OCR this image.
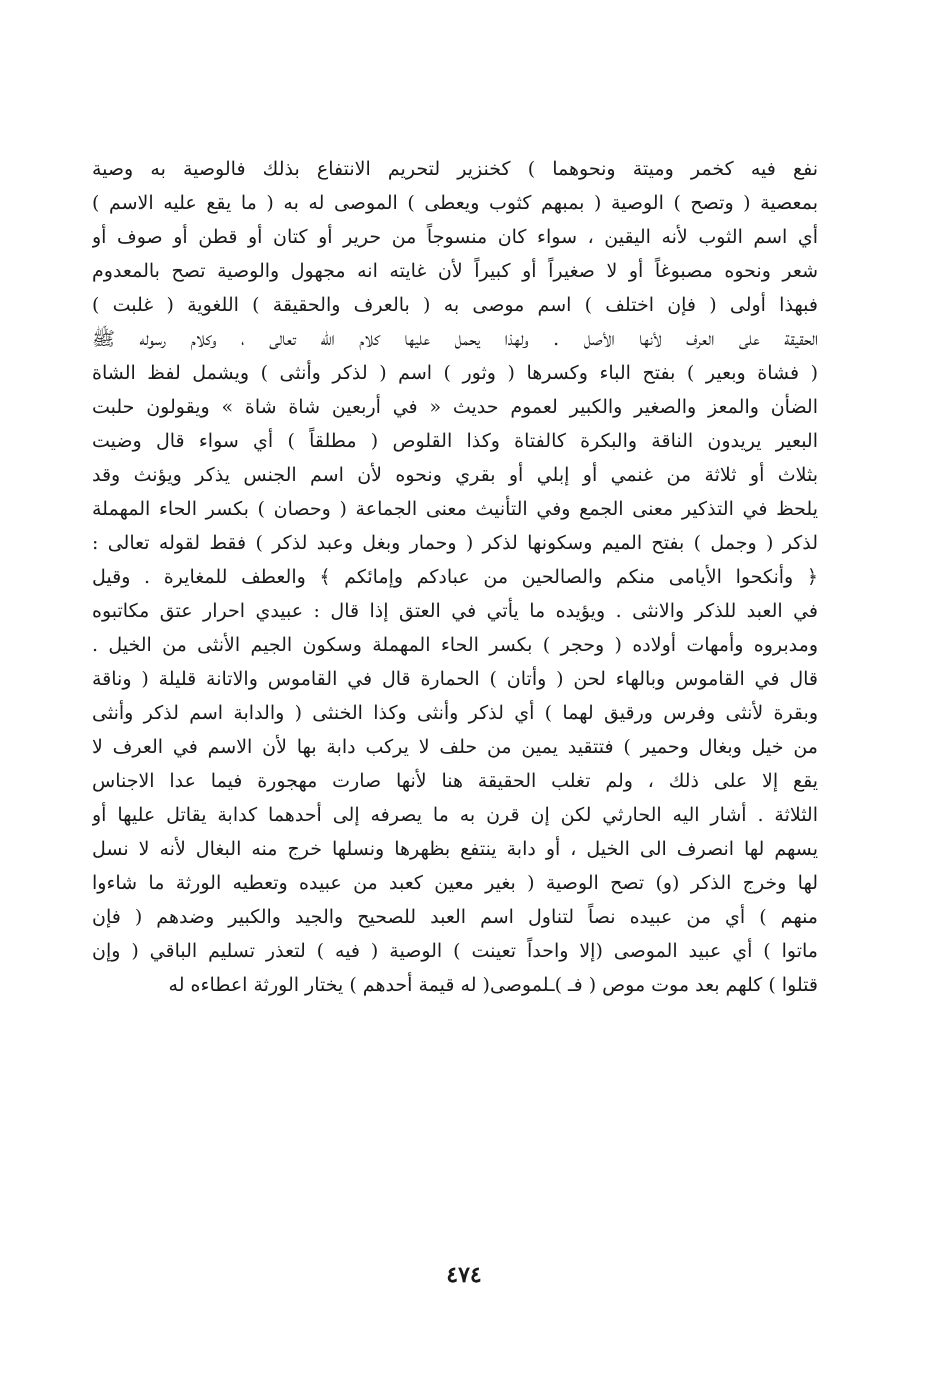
نفع فيه كخمر وميتة ونحوهما ) كخنزير لتحريم الانتفاع بذلك فالوصية به وصية
بمعصية ( وتصح ) الوصية ( بمبهم كثوب ويعطى ) الموصى له به ( ما يقع عليه الاسم )
أي اسم الثوب لأنه اليقين ، سواء كان منسوجاً من حرير أو كتان أو قطن أو صوف أو
شعر ونحوه مصبوغاً أو لا صغيراً أو كبيراً لأن غايته انه مجهول والوصية تصح بالمعدوم
فبهذا أولى ( فإن اختلف ) اسم موصى به ( بالعرف والحقيقة ) اللغوية ( غلبت )
الحقيقة على العرف لأنها الأصل . ولهذا يحمل عليها كلام الله تعالى ، وكلام رسوله ﷺ
( فشاة وبعير ) بفتح الباء وكسرها ( وثور ) اسم ( لذكر وأنثى ) ويشمل لفظ الشاة
الضأن والمعز والصغير والكبير لعموم حديث « في أربعين شاة شاة » ويقولون حلبت
البعير يريدون الناقة والبكرة كالفتاة وكذا القلوص ( مطلقاً ) أي سواء قال وضيت
بثلاث أو ثلاثة من غنمي أو إبلي أو بقري ونحوه لأن اسم الجنس يذكر ويؤنث وقد
يلحظ في التذكير معنى الجمع وفي التأنيث معنى الجماعة ( وحصان ) بكسر الحاء المهملة
لذكر ( وجمل ) بفتح الميم وسكونها لذكر ( وحمار وبغل وعبد لذكر ) فقط لقوله تعالى :
﴿ وأنكحوا الأيامى منكم والصالحين من عبادكم وإمائكم ﴾ والعطف للمغايرة . وقيل
في العبد للذكر والانثى . ويؤيده ما يأتي في العتق إذا قال : عبيدي احرار عتق مكاتبوه
ومدبروه وأمهات أولاده ( وحجر ) بكسر الحاء المهملة وسكون الجيم الأنثى من الخيل .
قال في القاموس وبالهاء لحن ( وأتان ) الحمارة قال في القاموس والاتانة قليلة ( وناقة
وبقرة لأنثى وفرس ورقيق لهما ) أي لذكر وأنثى وكذا الخنثى ( والدابة اسم لذكر وأنثى
من خيل وبغال وحمير ) فتتقيد يمين من حلف لا يركب دابة بها لأن الاسم في العرف لا
يقع إلا على ذلك ، ولم تغلب الحقيقة هنا لأنها صارت مهجورة فيما عدا الاجناس
الثلاثة . أشار اليه الحارثي لكن إن قرن به ما يصرفه إلى أحدهما كدابة يقاتل عليها أو
يسهم لها انصرف الى الخيل ، أو دابة ينتفع بظهرها ونسلها خرج منه البغال لأنه لا نسل
لها وخرج الذكر (و) تصح الوصية ( بغير معين كعبد من عبيده وتعطيه الورثة ما شاءوا
منهم ) أي من عبيده نصاً لتناول اسم العبد للصحيح والجيد والكبير وضدهم ( فإن
ماتوا ) أي عبيد الموصى (إلا واحداً تعينت ) الوصية ( فيه ) لتعذر تسليم الباقي ( وإن
قتلوا ) كلهم بعد موت موص ( فـ )ـلموصى( له قيمة أحدهم ) يختار الورثة اعطاءه له
٤٧٤
